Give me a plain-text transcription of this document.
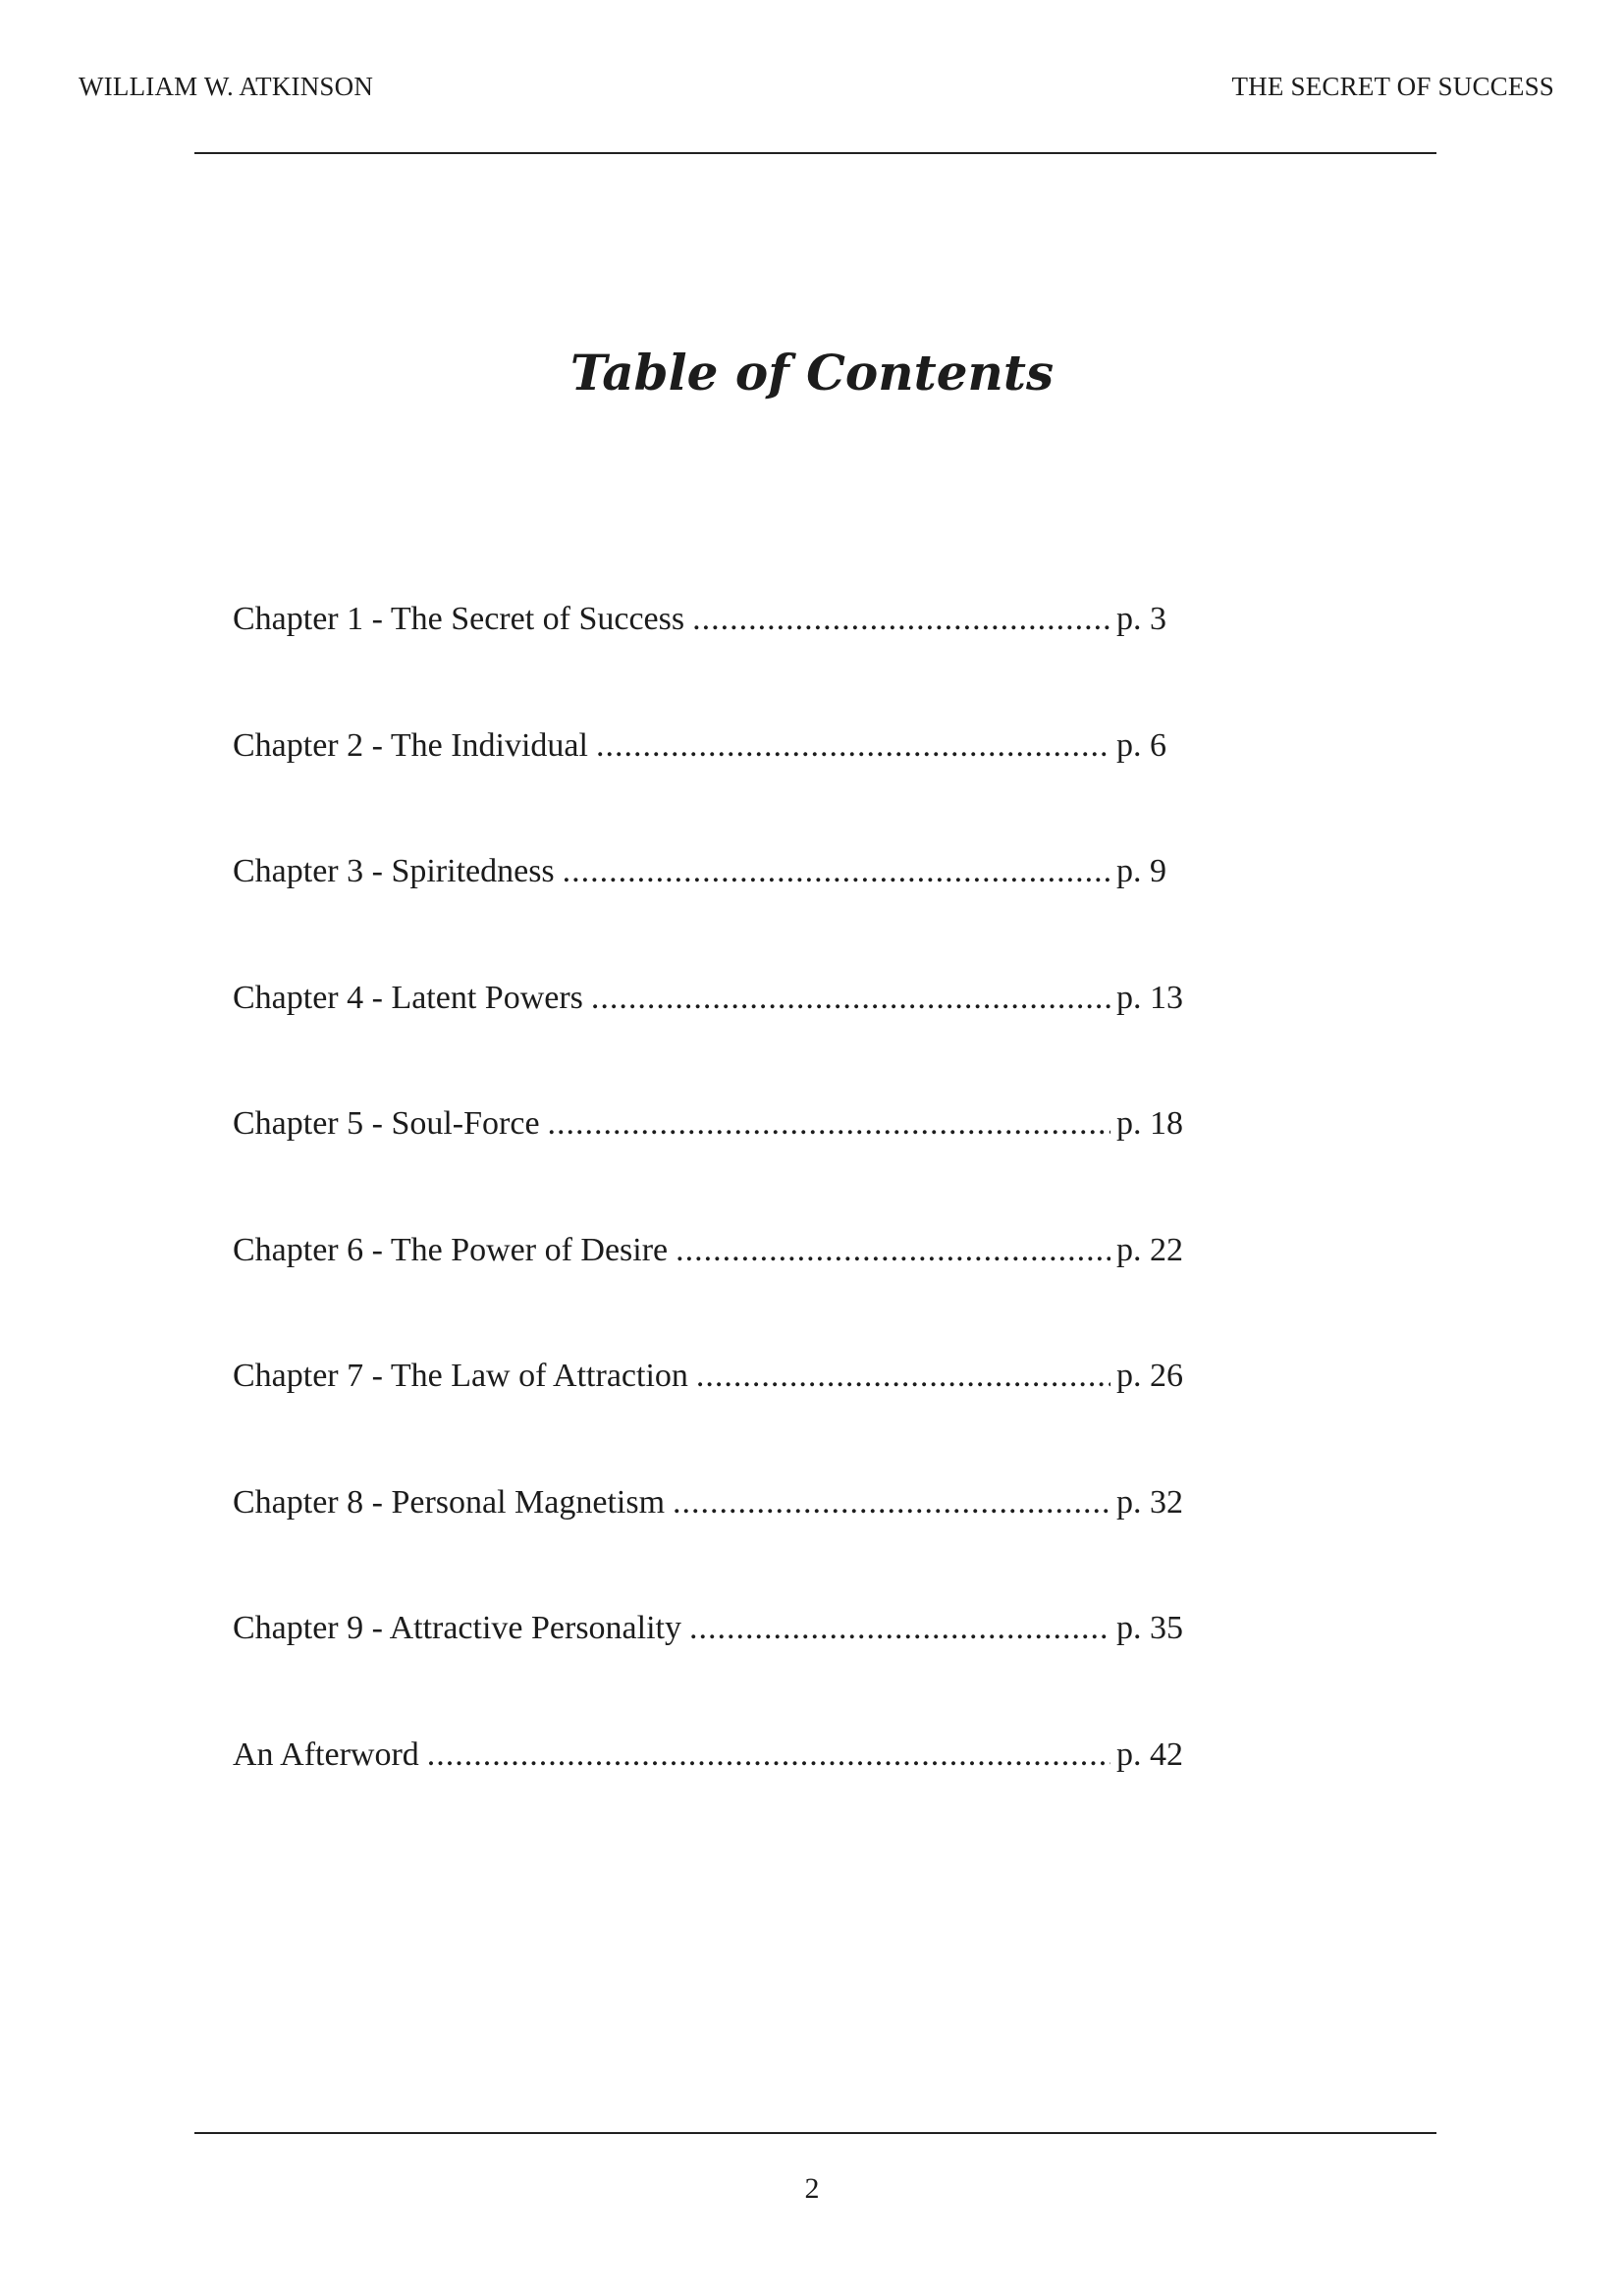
WILLIAM W. ATKINSON	THE SECRET OF SUCCESS
Table of Contents
Chapter 1 - The Secret of Success .....	p. 3
Chapter 2 - The Individual .....	p. 6
Chapter 3 - Spiritedness .....	p. 9
Chapter 4 - Latent Powers .....	p. 13
Chapter 5 - Soul-Force .....	p. 18
Chapter 6 - The Power of Desire .....	p. 22
Chapter 7 - The Law of Attraction .....	p. 26
Chapter 8 - Personal Magnetism .....	p. 32
Chapter 9 - Attractive Personality .....	p. 35
An Afterword .....	p. 42
2
